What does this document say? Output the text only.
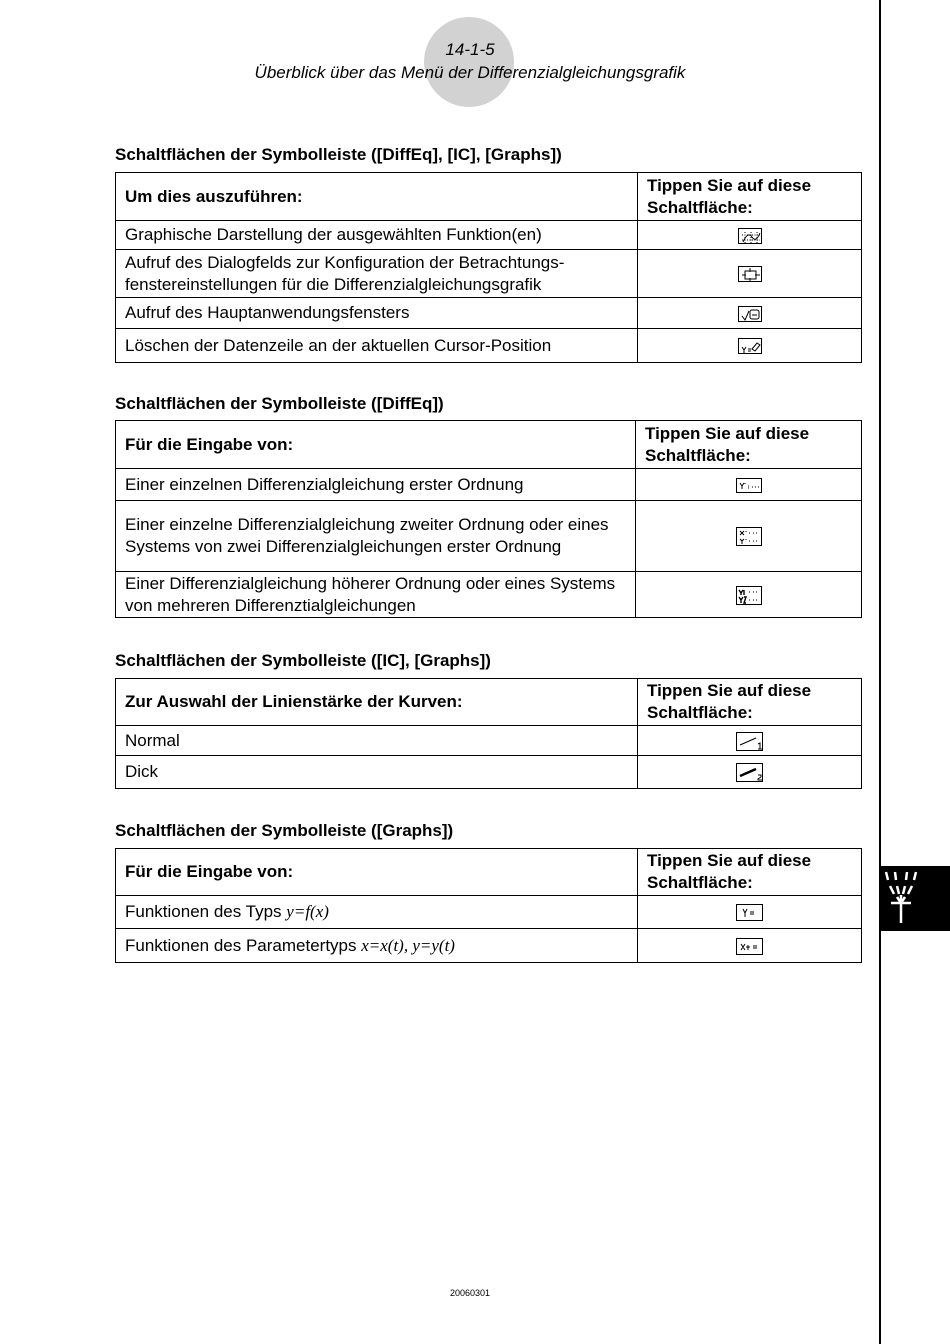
14-1-5
Überblick über das Menü der Differenzialgleichungsgrafik
Schaltflächen der Symbolleiste ([DiffEq], [IC], [Graphs])
Um dies auszuführen:	Tippen Sie auf diese Schaltfläche:
Graphische Darstellung der ausgewählten Funktion(en)	

Aufruf des Dialogfelds zur Konfiguration der Betrachtungs-fenstereinstellungen für die Differenzialgleichungsgrafik	

Aufruf des Hauptanwendungsfensters	

Löschen der Datenzeile an der aktuellen Cursor-Position	
Schaltflächen der Symbolleiste ([DiffEq])
Für die Eingabe von:	Tippen Sie auf diese Schaltfläche:
Einer einzelnen Differenzialgleichung erster Ordnung	

Einer einzelne Differenzialgleichung zweiter Ordnung oder eines Systems von zwei Differenzialgleichungen erster Ordnung	

Einer Differenzialgleichung höherer Ordnung oder eines Systems von mehreren Differenztialgleichungen	
Schaltflächen der Symbolleiste ([IC], [Graphs])
Zur Auswahl der Linienstärke der Kurven:	Tippen Sie auf diese Schaltfläche:
Normal	

Dick	
Schaltflächen der Symbolleiste ([Graphs])
Für die Eingabe von:	Tippen Sie auf diese Schaltfläche:
Funktionen des Typs y=f(x)	

Funktionen des Parametertyps x=x(t), y=y(t)	
20060301
